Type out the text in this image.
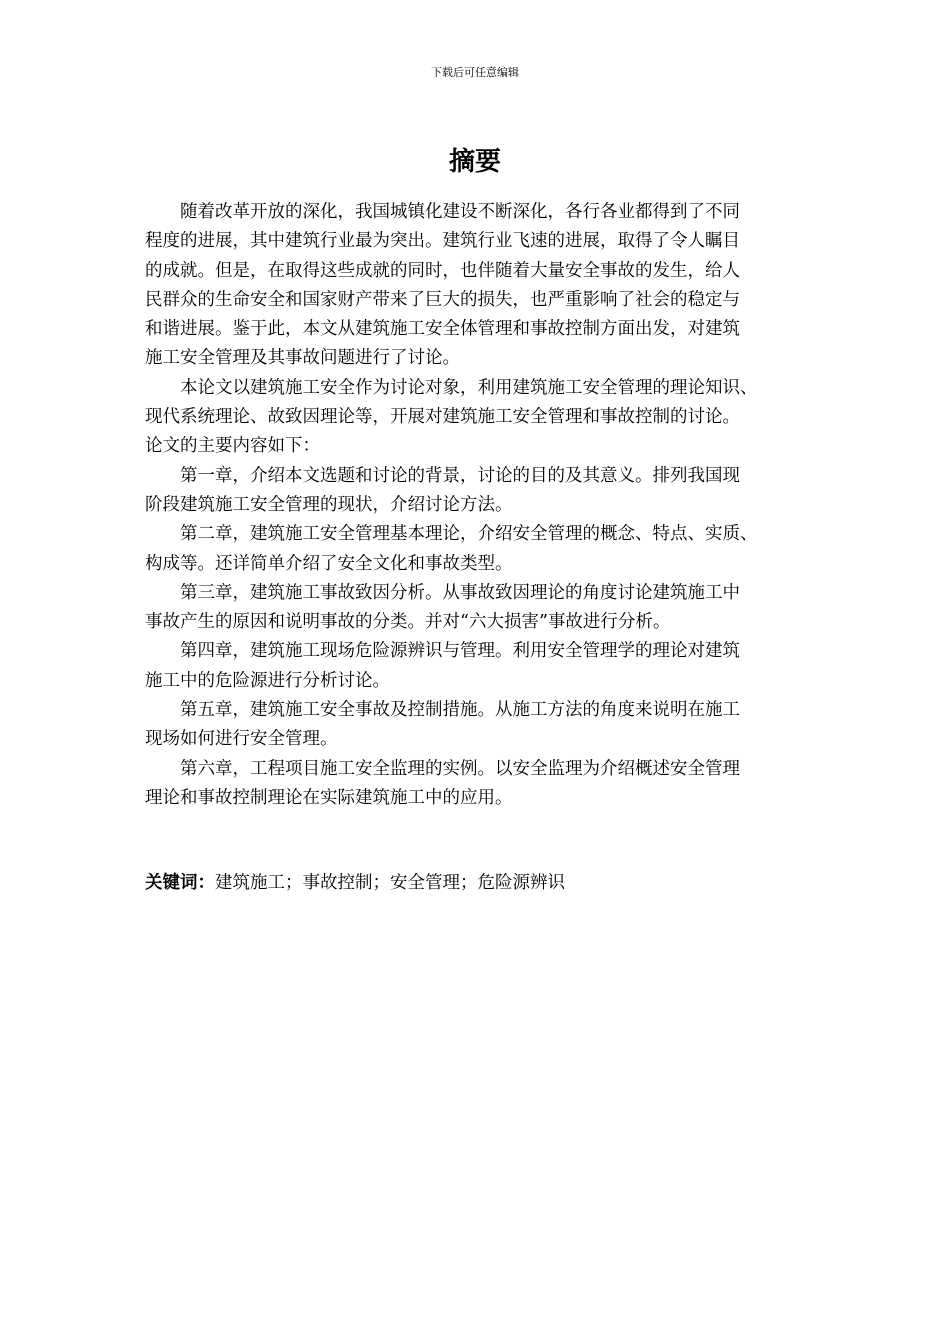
下载后可任意编辑
摘要
　　随着改革开放的深化，我国城镇化建设不断深化，各行各业都得到了不同
程度的进展，其中建筑行业最为突出。建筑行业飞速的进展，取得了令人瞩目
的成就。但是，在取得这些成就的同时，也伴随着大量安全事故的发生，给人
民群众的生命安全和国家财产带来了巨大的损失，也严重影响了社会的稳定与
和谐进展。鉴于此，本文从建筑施工安全体管理和事故控制方面出发，对建筑
施工安全管理及其事故问题进行了讨论。
　　本论文以建筑施工安全作为讨论对象，利用建筑施工安全管理的理论知识、
现代系统理论、故致因理论等，开展对建筑施工安全管理和事故控制的讨论。
论文的主要内容如下：
　　第一章，介绍本文选题和讨论的背景，讨论的目的及其意义。排列我国现
阶段建筑施工安全管理的现状，介绍讨论方法。
　　第二章，建筑施工安全管理基本理论，介绍安全管理的概念、特点、实质、
构成等。还详简单介绍了安全文化和事故类型。
　　第三章，建筑施工事故致因分析。从事故致因理论的角度讨论建筑施工中
事故产生的原因和说明事故的分类。并对“六大损害”事故进行分析。
　　第四章，建筑施工现场危险源辨识与管理。利用安全管理学的理论对建筑
施工中的危险源进行分析讨论。
　　第五章，建筑施工安全事故及控制措施。从施工方法的角度来说明在施工
现场如何进行安全管理。
　　第六章，工程项目施工安全监理的实例。以安全监理为介绍概述安全管理
理论和事故控制理论在实际建筑施工中的应用。
关键词：建筑施工；事故控制；安全管理；危险源辨识
